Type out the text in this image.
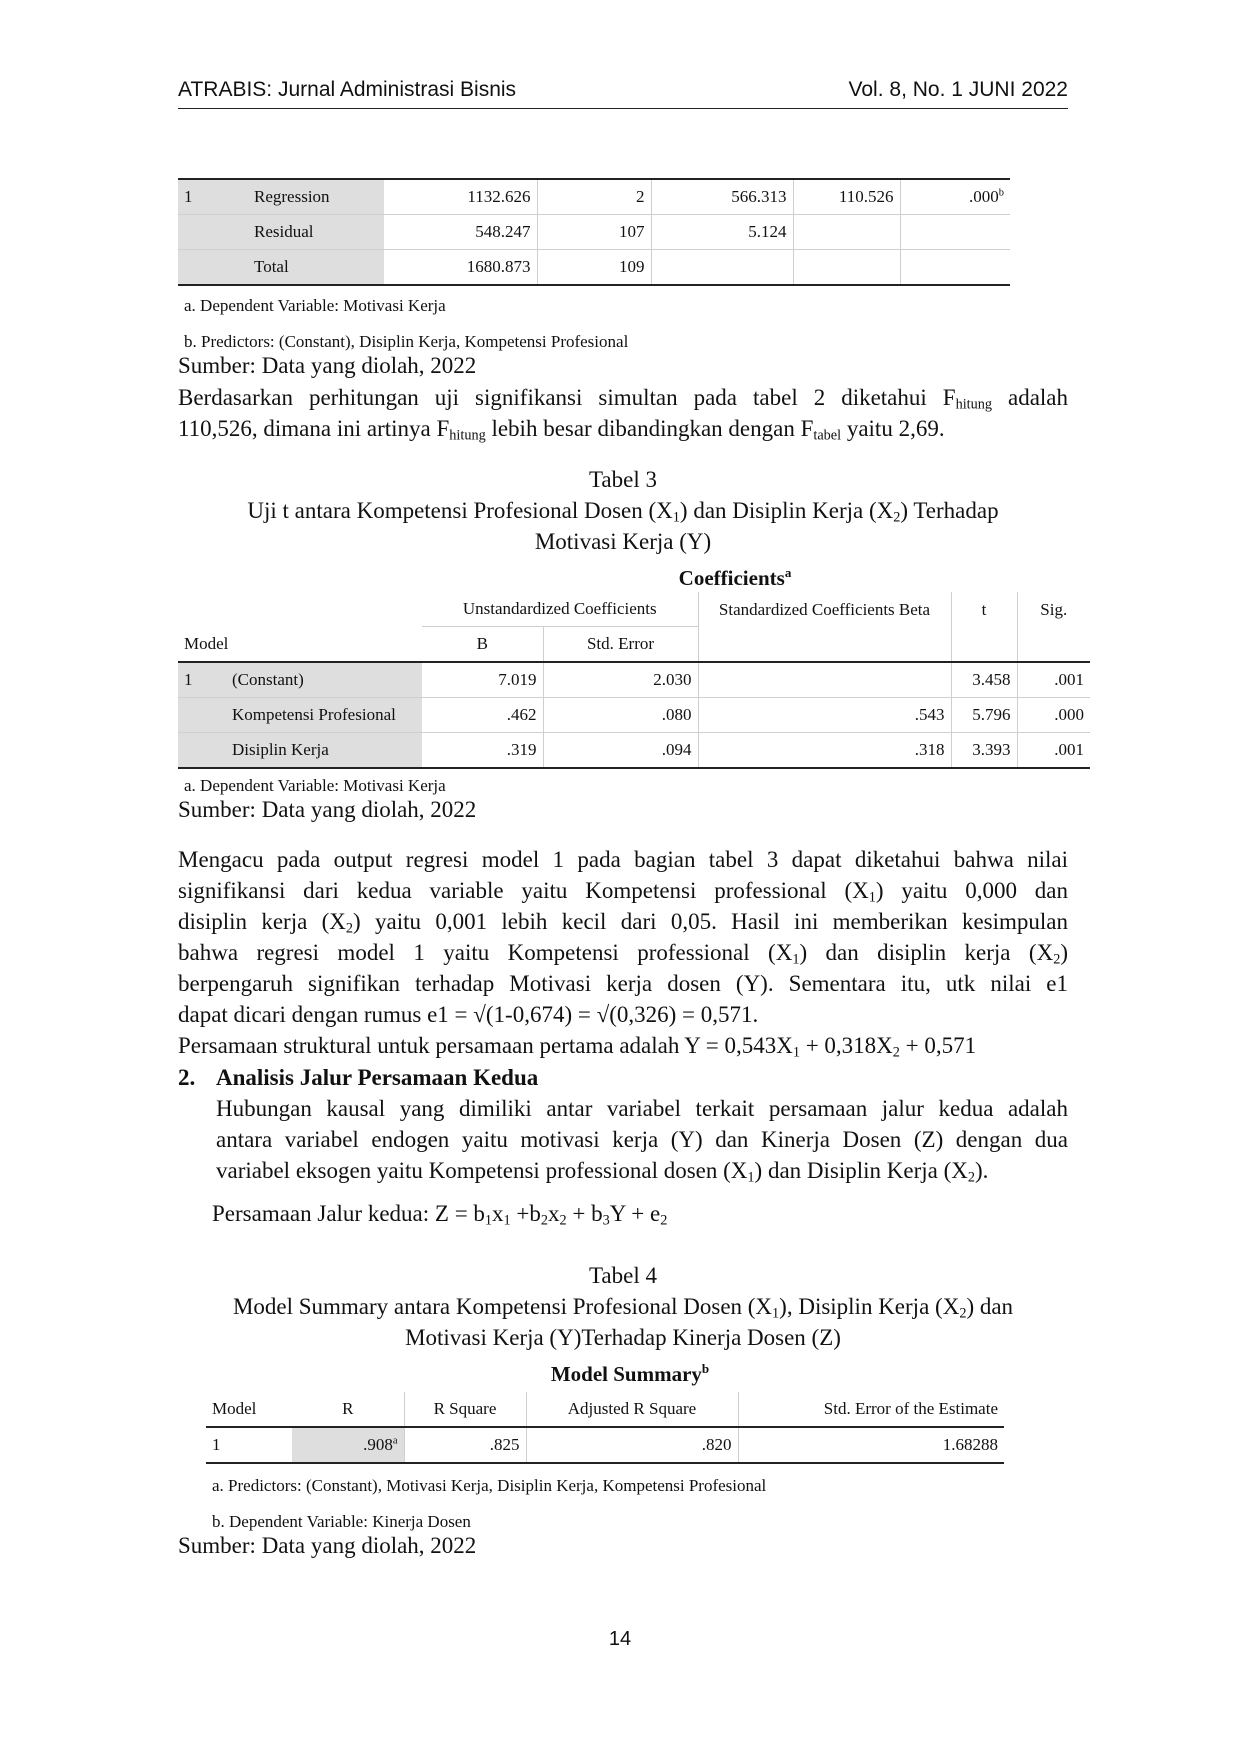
ATRABIS: Jurnal Administrasi Bisnis	Vol. 8, No. 1 JUNI 2022
1	Regression	1132.626	2	566.313	110.526	.000$^b$
	Residual	548.247	107	5.124		
	Total	1680.873	109			
a. Dependent Variable: Motivasi Kerja
b. Predictors: (Constant), Disiplin Kerja, Kompetensi Profesional
Sumber: Data yang diolah, 2022
Berdasarkan perhitungan uji signifikansi simultan pada tabel 2 diketahui $F_{hitung}$ adalah
110,526, dimana ini artinya $F_{hitung}$ lebih besar dibandingkan dengan $F_{tabel}$ yaitu 2,69.
Tabel 3
Uji t antara Kompetensi Profesional Dosen $(X_1)$ dan Disiplin Kerja $(X_2)$ Terhadap
Motivasi Kerja (Y)
Coefficients$^a$
		Unstandardized Coefficients		Standardized Coefficients Beta	t	Sig.
Model		B	Std. Error			
1	(Constant)	7.019	2.030		3.458	.001
	Kompetensi Profesional	.462	.080	.543	5.796	.000
	Disiplin Kerja	.319	.094	.318	3.393	.001
a. Dependent Variable: Motivasi Kerja
Sumber: Data yang diolah, 2022
Mengacu pada output regresi model 1 pada bagian tabel 3 dapat diketahui bahwa nilai
signifikansi dari kedua variable yaitu Kompetensi professional $(X_1)$ yaitu 0,000 dan
disiplin kerja $(X_2)$ yaitu 0,001 lebih kecil dari 0,05. Hasil ini memberikan kesimpulan
bahwa regresi model 1 yaitu Kompetensi professional $(X_1)$ dan disiplin kerja $(X_2)$
berpengaruh signifikan terhadap Motivasi kerja dosen (Y). Sementara itu, utk nilai e1
dapat dicari dengan rumus e1 = √(1-0,674) = √(0,326) = 0,571.
Persamaan struktural untuk persamaan pertama adalah $Y = 0,543X_1 + 0,318X_2 + 0,571$
2. Analisis Jalur Persamaan Kedua
Hubungan kausal yang dimiliki antar variabel terkait persamaan jalur kedua adalah
antara variabel endogen yaitu motivasi kerja (Y) dan Kinerja Dosen (Z) dengan dua
variabel eksogen yaitu Kompetensi professional dosen $(X_1)$ dan Disiplin Kerja $(X_2)$.
Persamaan Jalur kedua: $Z = b_1x_1 +b_2x_2 + b_3Y + e_2$
Tabel 4
Model Summary antara Kompetensi Profesional Dosen $(X_1)$, Disiplin Kerja $(X_2)$ dan
Motivasi Kerja (Y)Terhadap Kinerja Dosen (Z)
Model Summary$^b$
Model	R	R Square	Adjusted R Square	Std. Error of the Estimate
1	.908$^a$	.825	.820	1.68288
a. Predictors: (Constant), Motivasi Kerja, Disiplin Kerja, Kompetensi Profesional
b. Dependent Variable: Kinerja Dosen
Sumber: Data yang diolah, 2022
14
